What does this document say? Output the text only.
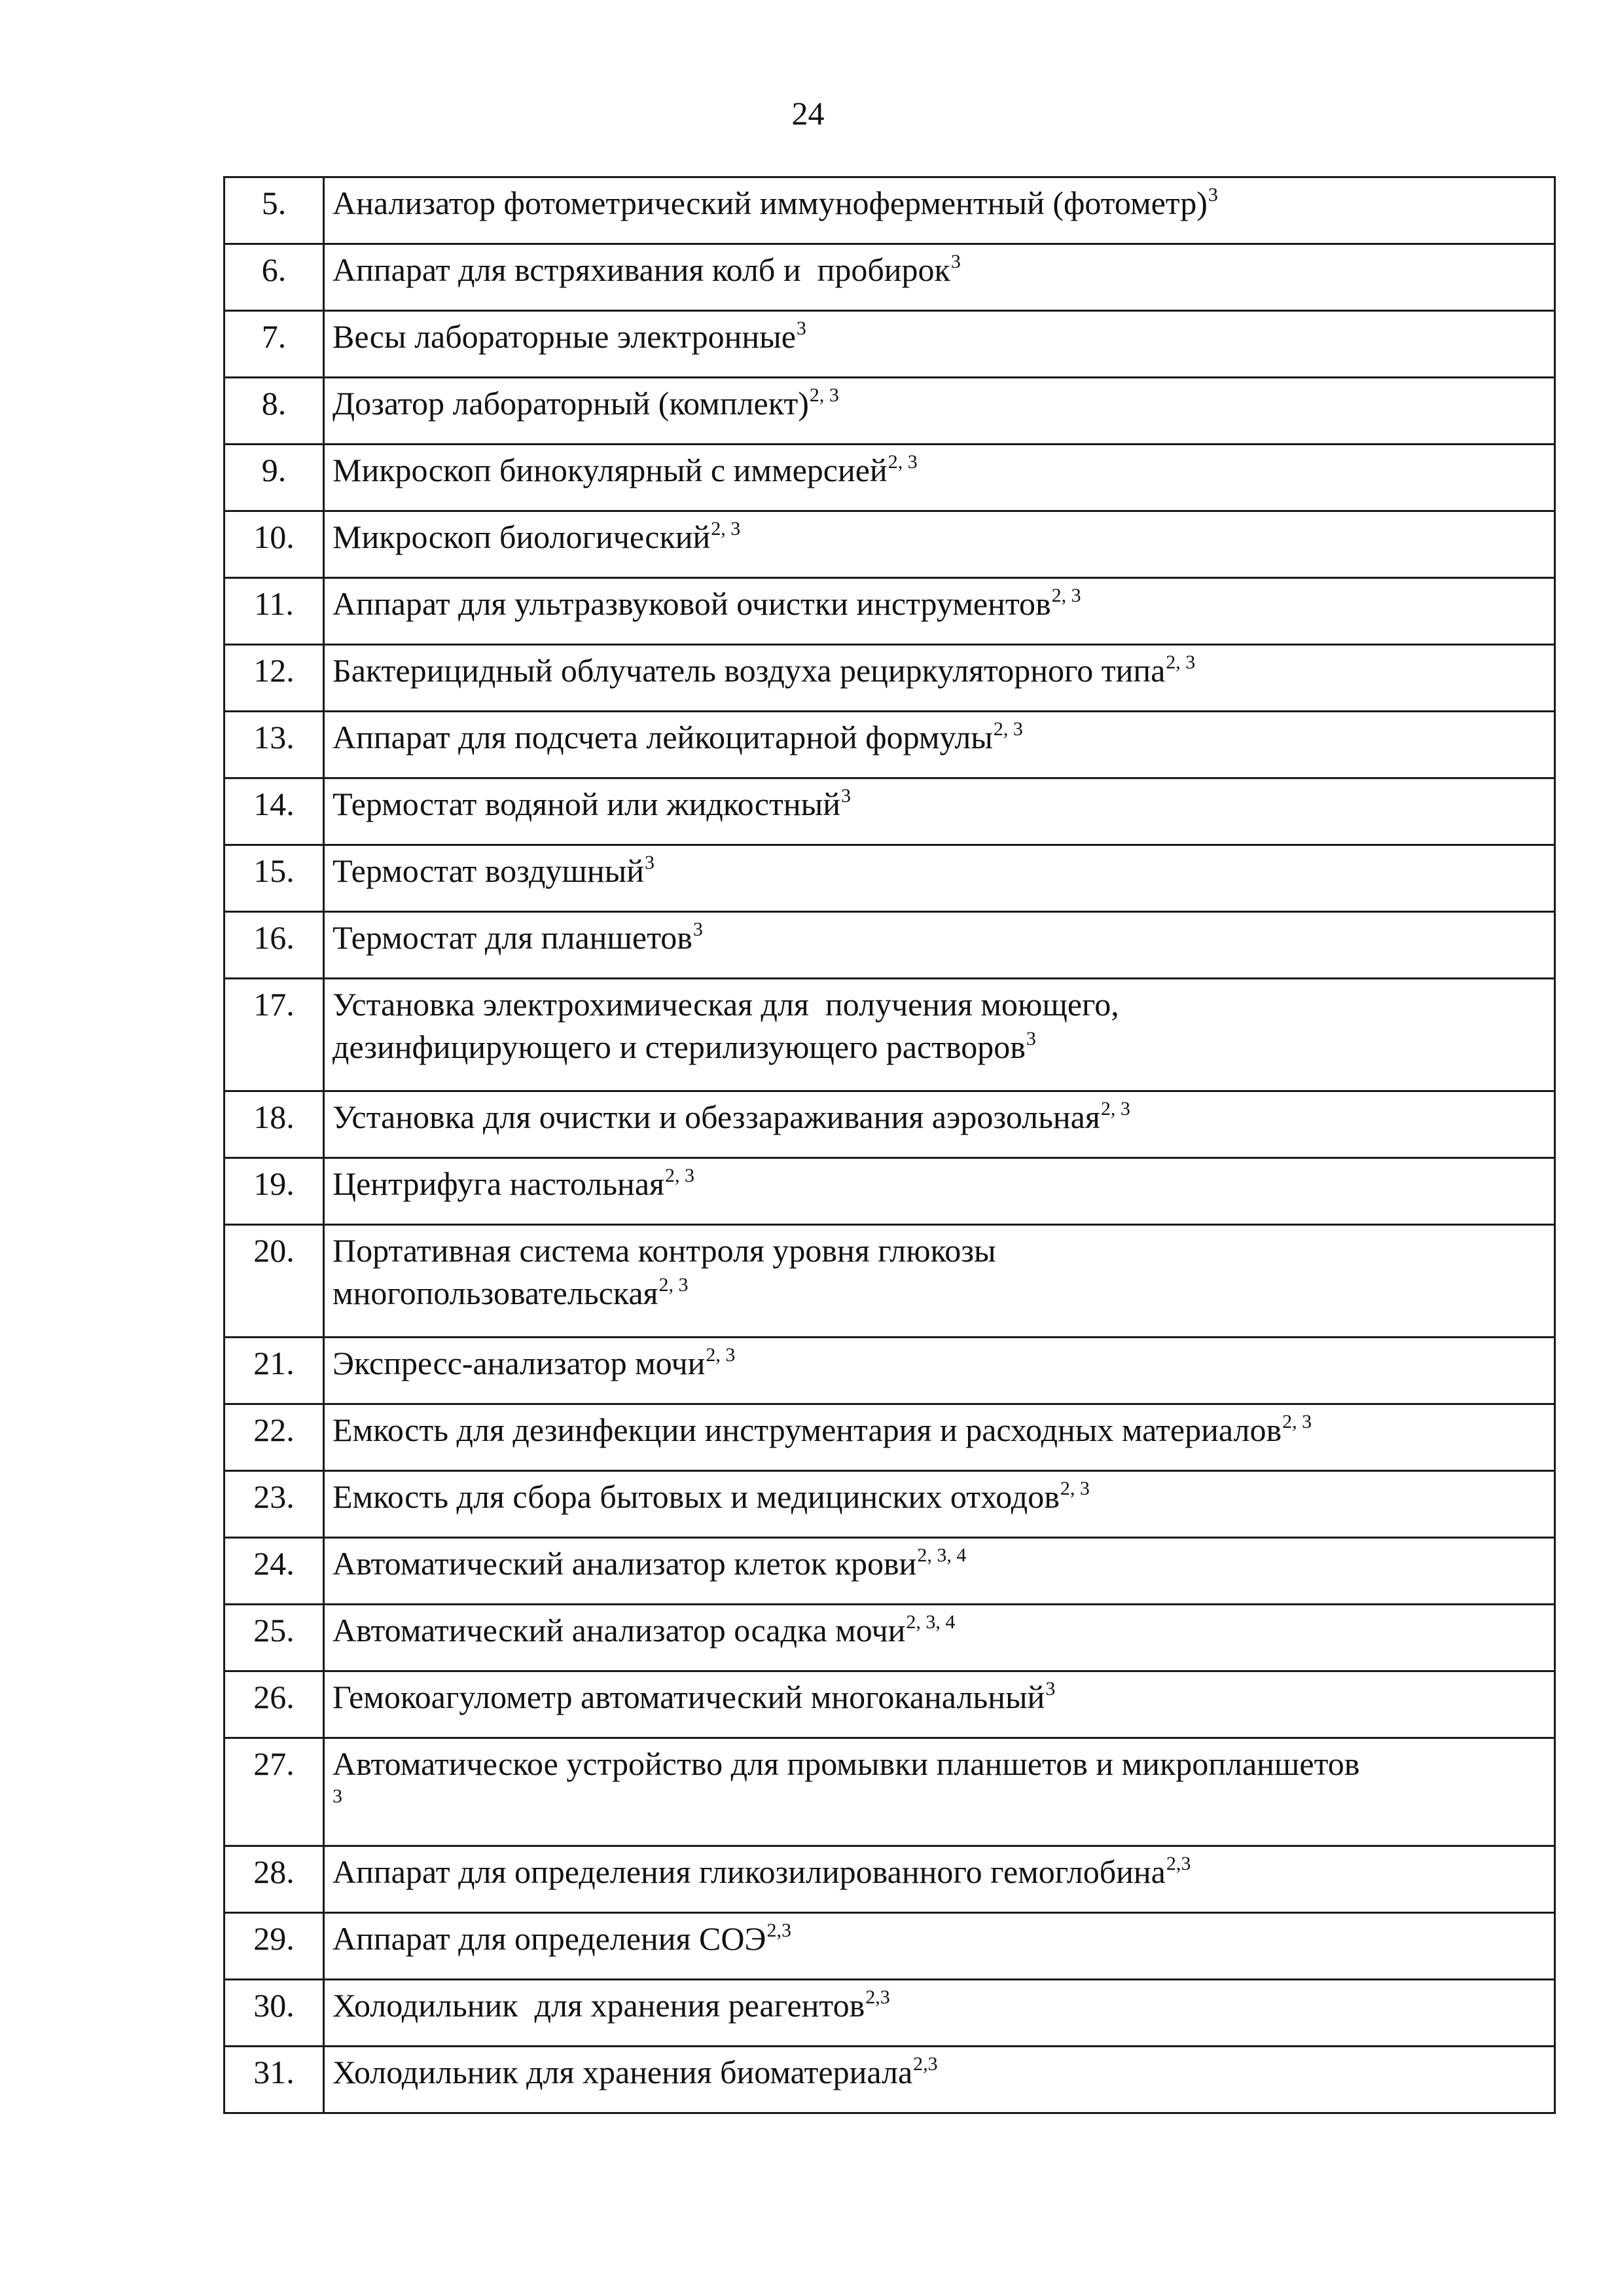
24
5.	Анализатор фотометрический иммуноферментный (фотометр)$^3$
6.	Аппарат для встряхивания колб и  пробирок$^3$
7.	Весы лабораторные электронные$^3$
8.	Дозатор лабораторный (комплект)$^{2, 3}$
9.	Микроскоп бинокулярный с иммерсией$^{2, 3}$
10.	Микроскоп биологический$^{2, 3}$
11.	Аппарат для ультразвуковой очистки инструментов$^{2, 3}$
12.	Бактерицидный облучатель воздуха рециркуляторного типа$^{2, 3}$
13.	Аппарат для подсчета лейкоцитарной формулы$^{2, 3}$
14.	Термостат водяной или жидкостный$^3$
15.	Термостат воздушный$^3$
16.	Термостат для планшетов$^3$
17.	Установка электрохимическая для  получения моющего,
дезинфицирующего и стерилизующего растворов$^3$
18.	Установка для очистки и обеззараживания аэрозольная$^{2, 3}$
19.	Центрифуга настольная$^{2, 3}$
20.	Портативная система контроля уровня глюкозы
многопользовательская$^{2, 3}$
21.	Экспресс-анализатор мочи$^{2, 3}$
22.	Емкость для дезинфекции инструментария и расходных материалов$^{2, 3}$
23.	Емкость для сбора бытовых и медицинских отходов$^{2, 3}$
24.	Автоматический анализатор клеток крови$^{2, 3, 4}$
25.	Автоматический анализатор осадка мочи$^{2, 3, 4}$
26.	Гемокоагулометр автоматический многоканальный$^3$
27.	Автоматическое устройство для промывки планшетов и микропланшетов
3

28.	Аппарат для определения гликозилированного гемоглобина$^{2,3}$
29.	Аппарат для определения СОЭ$^{2,3}$
30.	Холодильник  для хранения реагентов$^{2,3}$
31.	Холодильник для хранения биоматериала$^{2,3}$
